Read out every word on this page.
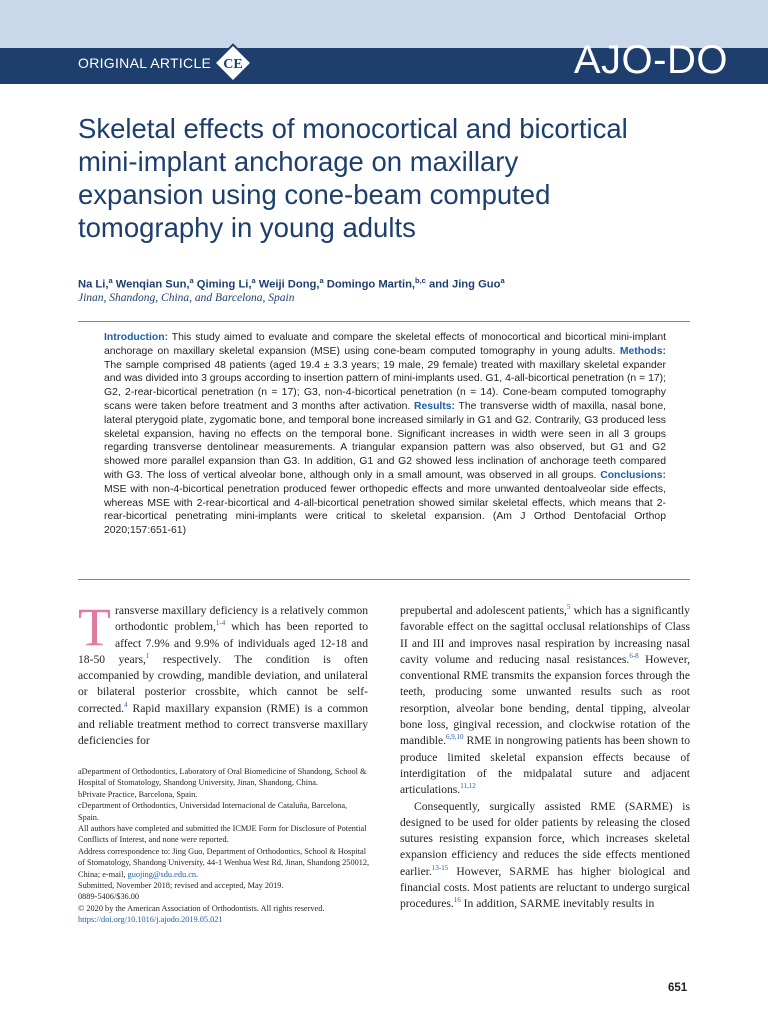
ORIGINAL ARTICLE CE	AJO-DO
Skeletal effects of monocortical and bicortical mini-implant anchorage on maxillary expansion using cone-beam computed tomography in young adults
Na Li,$^a$ Wenqian Sun,$^a$ Qiming Li,$^a$ Weiji Dong,$^a$ Domingo Martin,$^{b,c}$ and Jing Guo$^a$
Jinan, Shandong, China, and Barcelona, Spain

Introduction: This study aimed to evaluate and compare the skeletal effects of monocortical and bicortical mini-implant anchorage on maxillary skeletal expansion (MSE) using cone-beam computed tomography in young adults. Methods: The sample comprised 48 patients (aged 19.4 ± 3.3 years; 19 male, 29 female) treated with maxillary skeletal expander and was divided into 3 groups according to insertion pattern of mini-implants used. G1, 4-all-bicortical penetration (n = 17); G2, 2-rear-bicortical penetration (n = 17); G3, non-4-bicortical penetration (n = 14). Cone-beam computed tomography scans were taken before treatment and 3 months after activation. Results: The transverse width of maxilla, nasal bone, lateral pterygoid plate, zygomatic bone, and temporal bone increased similarly in G1 and G2. Contrarily, G3 produced less skeletal expansion, having no effects on the temporal bone. Significant increases in width were seen in all 3 groups regarding transverse dentolinear measurements. A triangular expansion pattern was also observed, but G1 and G2 showed more parallel expansion than G3. In addition, G1 and G2 showed less inclination of anchorage teeth compared with G3. The loss of vertical alveolar bone, although only in a small amount, was observed in all groups. Conclusions: MSE with non-4-bicortical penetration produced fewer orthopedic effects and more unwanted dentoalveolar side effects, whereas MSE with 2-rear-bicortical and 4-all-bicortical penetration showed similar skeletal effects, which means that 2-rear-bicortical penetrating mini-implants were critical to skeletal expansion. (Am J Orthod Dentofacial Orthop 2020;157:651-61)

Transverse maxillary deficiency is a relatively common orthodontic problem,$^{1-4}$ which has been reported to affect 7.9% and 9.9% of individuals aged 12-18 and 18-50 years,$^1$ respectively. The condition is often accompanied by crowding, mandible deviation, and unilateral or bilateral posterior crossbite, which cannot be self-corrected.$^4$ Rapid maxillary expansion (RME) is a common and reliable treatment method to correct transverse maxillary deficiencies for

aDepartment of Orthodontics, Laboratory of Oral Biomedicine of Shandong, School & Hospital of Stomatology, Shandong University, Jinan, Shandong, China.

bPrivate Practice, Barcelona, Spain.

cDepartment of Orthodontics, Universidad Internacional de Cataluña, Barcelona, Spain.

All authors have completed and submitted the ICMJE Form for Disclosure of Potential Conflicts of Interest, and none were reported.

Address correspondence to: Jing Guo, Department of Orthodontics, School & Hospital of Stomatology, Shandong University, 44-1 Wenhua West Rd, Jinan, Shandong 250012, China; e-mail, guojing@sdu.edu.cn.

Submitted, November 2018; revised and accepted, May 2019.

0889-5406/$36.00

© 2020 by the American Association of Orthodontists. All rights reserved.

https://doi.org/10.1016/j.ajodo.2019.05.021

prepubertal and adolescent patients,$^5$ which has a significantly favorable effect on the sagittal occlusal relationships of Class II and III and improves nasal respiration by increasing nasal cavity volume and reducing nasal resistances.$^{6-8}$ However, conventional RME transmits the expansion forces through the teeth, producing some unwanted results such as root resorption, alveolar bone bending, dental tipping, alveolar bone loss, gingival recession, and clockwise rotation of the mandible.$^{6,9,10}$ RME in nongrowing patients has been shown to produce limited skeletal expansion effects because of interdigitation of the midpalatal suture and adjacent articulations.$^{11,12}$

Consequently, surgically assisted RME (SARME) is designed to be used for older patients by releasing the closed sutures resisting expansion force, which increases skeletal expansion efficiency and reduces the side effects mentioned earlier.$^{13-15}$ However, SARME has higher biological and financial costs. Most patients are reluctant to undergo surgical procedures.$^{16}$ In addition, SARME inevitably results in

651
